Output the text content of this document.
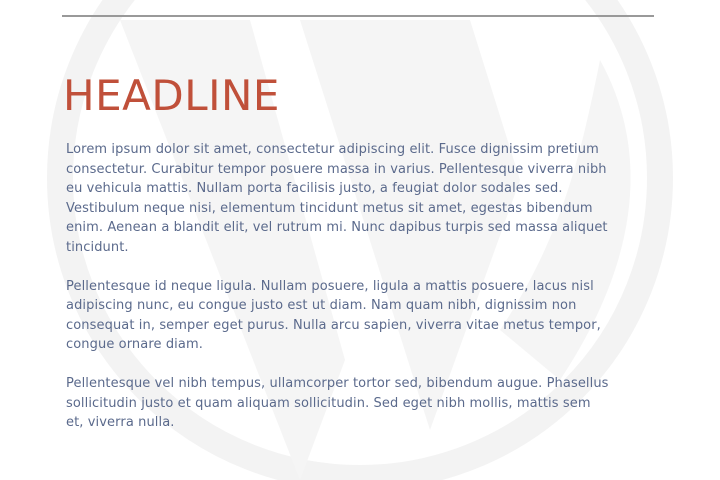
HEADLINE

Lorem ipsum dolor sit amet, consectetur adipiscing elit. Fusce dignissim pretium
consectetur. Curabitur tempor posuere massa in varius. Pellentesque viverra nibh
eu vehicula mattis. Nullam porta facilisis justo, a feugiat dolor sodales sed.
Vestibulum neque nisi, elementum tincidunt metus sit amet, egestas bibendum
enim. Aenean a blandit elit, vel rutrum mi. Nunc dapibus turpis sed massa aliquet
tincidunt.

Pellentesque id neque ligula. Nullam posuere, ligula a mattis posuere, lacus nisl
adipiscing nunc, eu congue justo est ut diam. Nam quam nibh, dignissim non
consequat in, semper eget purus. Nulla arcu sapien, viverra vitae metus tempor,
congue ornare diam.

Pellentesque vel nibh tempus, ullamcorper tortor sed, bibendum augue. Phasellus
sollicitudin justo et quam aliquam sollicitudin. Sed eget nibh mollis, mattis sem
et, viverra nulla.
